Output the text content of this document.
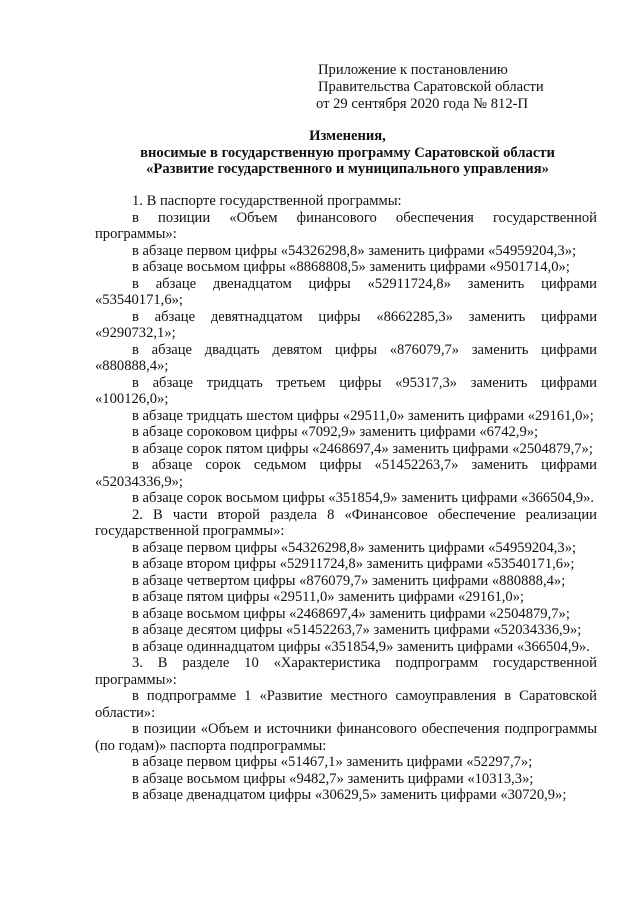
Приложение к постановлению
Правительства Саратовской области
от 29 сентября 2020 года № 812-П
Изменения,
вносимые в государственную программу Саратовской области
«Развитие государственного и муниципального управления»

1. В паспорте государственной программы:

в позиции «Объем финансового обеспечения государственной программы»:

в абзаце первом цифры «54326298,8» заменить цифрами «54959204,3»;

в абзаце восьмом цифры «8868808,5» заменить цифрами «9501714,0»;

в абзаце двенадцатом цифры «52911724,8» заменить цифрами «53540171,6»;

в абзаце девятнадцатом цифры «8662285,3» заменить цифрами «9290732,1»;

в абзаце двадцать девятом цифры «876079,7» заменить цифрами «880888,4»;

в абзаце тридцать третьем цифры «95317,3» заменить цифрами «100126,0»;

в абзаце тридцать шестом цифры «29511,0» заменить цифрами «29161,0»;

в абзаце сороковом цифры «7092,9» заменить цифрами «6742,9»;

в абзаце сорок пятом цифры «2468697,4» заменить цифрами «2504879,7»;

в абзаце сорок седьмом цифры «51452263,7» заменить цифрами «52034336,9»;

в абзаце сорок восьмом цифры «351854,9» заменить цифрами «366504,9».

2. В части второй раздела 8 «Финансовое обеспечение реализации государственной программы»:

в абзаце первом цифры «54326298,8» заменить цифрами «54959204,3»;

в абзаце втором цифры «52911724,8» заменить цифрами «53540171,6»;

в абзаце четвертом цифры «876079,7» заменить цифрами «880888,4»;

в абзаце пятом цифры «29511,0» заменить цифрами «29161,0»;

в абзаце восьмом цифры «2468697,4» заменить цифрами «2504879,7»;

в абзаце десятом цифры «51452263,7» заменить цифрами «52034336,9»;

в абзаце одиннадцатом цифры «351854,9» заменить цифрами «366504,9».

3. В разделе 10 «Характеристика подпрограмм государственной программы»:

в подпрограмме 1 «Развитие местного самоуправления в Саратовской области»:

в позиции «Объем и источники финансового обеспечения подпрограммы (по годам)» паспорта подпрограммы:

в абзаце первом цифры «51467,1» заменить цифрами «52297,7»;

в абзаце восьмом цифры «9482,7» заменить цифрами «10313,3»;

в абзаце двенадцатом цифры «30629,5» заменить цифрами «30720,9»;
